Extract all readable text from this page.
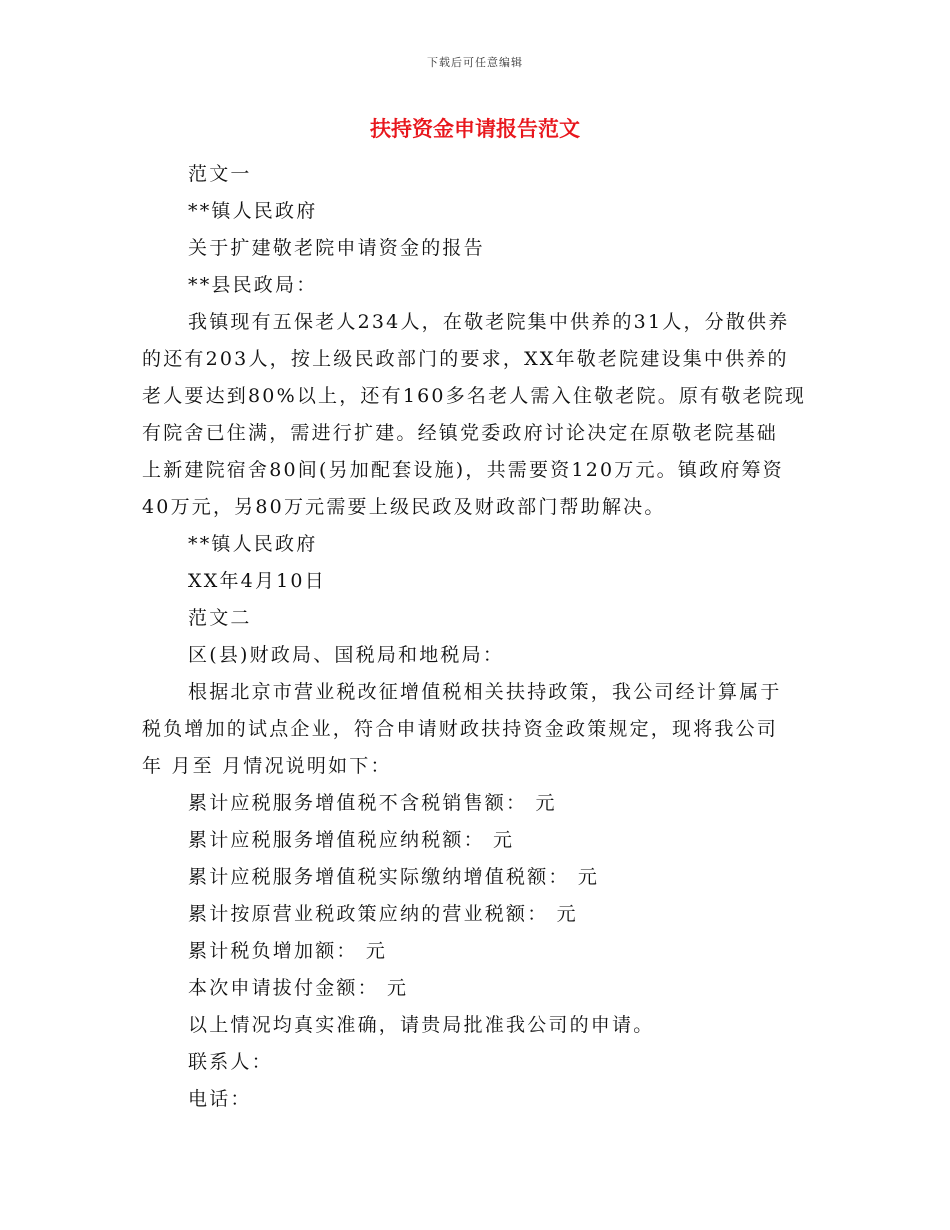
下载后可任意编辑
扶持资金申请报告范文
范文一
**镇人民政府
关于扩建敬老院申请资金的报告
**县民政局：
我镇现有五保老人234人，在敬老院集中供养的31人，分散供养
的还有203人，按上级民政部门的要求，XX年敬老院建设集中供养的
老人要达到80%以上，还有160多名老人需入住敬老院。原有敬老院现
有院舍已住满，需进行扩建。经镇党委政府讨论决定在原敬老院基础
上新建院宿舍80间(另加配套设施)，共需要资120万元。镇政府筹资
40万元，另80万元需要上级民政及财政部门帮助解决。
**镇人民政府
XX年4月10日
范文二
区(县)财政局、国税局和地税局：
根据北京市营业税改征增值税相关扶持政策，我公司经计算属于
税负增加的试点企业，符合申请财政扶持资金政策规定，现将我公司
年 月至 月情况说明如下：
累计应税服务增值税不含税销售额： 元
累计应税服务增值税应纳税额： 元
累计应税服务增值税实际缴纳增值税额： 元
累计按原营业税政策应纳的营业税额： 元
累计税负增加额： 元
本次申请拔付金额： 元
以上情况均真实准确，请贵局批准我公司的申请。
联系人：
电话：
